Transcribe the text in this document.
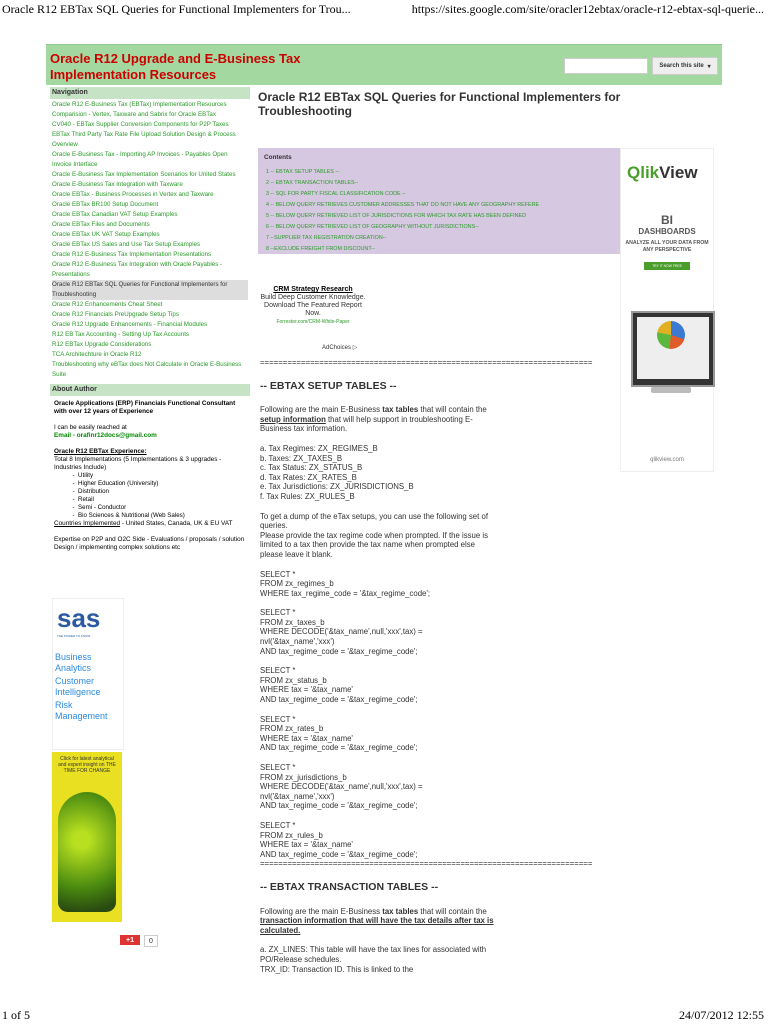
Oracle R12 EBTax SQL Queries for Functional Implementers for Trou...	https://sites.google.com/site/oracler12ebtax/oracle-r12-ebtax-sql-querie...
Oracle R12 Upgrade and E-Business Tax Implementation Resources
Search this site ▾
Navigation
Oracle R12 E-Business Tax (EBTax) Implementation Resources
Comparision - Vertex, Taxware and Sabrix for Oracle EBTax
CV040 - EBTax Supplier Conversion Components for P2P Taxes
EBTax Third Party Tax Rate File Upload Solution Design & Process Overview
Oracle E-Business Tax - Importing AP Invoices - Payables Open Invoice Interface
Oracle E-Business Tax Implementation Scenarios for United States
Oracle E-Business Tax Integration with Taxware
Oracle EBTax - Business Processes in Vertex and Taxware
Oracle EBTax BR100 Setup Document
Oracle EBTax Canadian VAT Setup Examples
Oracle EBTax Files and Documents
Oracle EBTax UK VAT Setup Examples
Oracle EBTax US Sales and Use Tax Setup Examples
Oracle R12 E-Business Tax Implementation Presentations
Oracle R12 E-Business Tax Integration with Oracle Payables - Presentations
Oracle R12 EBTax SQL Queries for Functional Implementers for Troubleshooting
Oracle R12 Enhancements Cheat Sheet
Oracle R12 Financials PreUpgrade Setup Tips
Oracle R12 Upgrade Enhancements - Financial Modules
R12 EB Tax Accounting - Setting Up Tax Accounts
R12 EBTax Upgrade Considerations
TCA Architechture in Oracle R12
Troubleshooting why eBTax does Not Calculate in Oracle E-Business Suite
About Author
Oracle Applications (ERP) Financials Functional Consultant with over 12 years of Experience
I can be easily reached at
Email - orafinr12docs@gmail.com
Oracle R12 EBTax Experience:
Total 8 Implementations (5 Implementations & 3 upgrades - Industries Include)
- Utility
- Higher Education (University)
- Distribution
- Retail
- Semi - Conductor
- Bio Sciences & Nutritional (Web Sales)
Countries Implemented - United States, Canada, UK & EU VAT
Expertise on P2P and O2C Side - Evaluations / proposals / solution Design / implementing complex solutions etc
sas
THE POWER TO KNOW
Business Analytics
Customer Intelligence
Risk Management
Click for latest analytical and expert insight on THE TIME FOR CHANGE
+1	0
Oracle R12 EBTax SQL Queries for Functional Implementers for Troubleshooting
Contents
1 -- EBTAX SETUP TABLES --
2 -- EBTAX TRANSACTION TABLES--
3 -- SQL FOR PARTY FISCAL CLASSIFICATION CODE --
4 -- BELOW QUERY RETRIEVES CUSTOMER ADDRESSES THAT DO NOT HAVE ANY GEOGRAPHY REFERE
5 -- BELOW QUERY RETRIEVED LIST OF JURISDICTIONS FOR WHICH TAX RATE HAS BEEN DEFINED
6 -- BELOW QUERY RETRIEVED LIST OF GEOGRAPHY WITHOUT JURISDICTIONS--
7 --SUPPLIER TAX REGISTRATION CREATION--
8 --EXCLUDE FREIGHT FROM DISCOUNT--
CRM Strategy Research
Build Deep Customer Knowledge. Download The Featured Report Now.
Forrester.com/CRM-White-Paper
AdChoices ▷
=========================================================================
-- EBTAX SETUP TABLES --
Following are the main E-Business tax tables that will contain the setup information that will help support in troubleshooting E-Business tax information.
a. Tax Regimes: ZX_REGIMES_B
b. Taxes: ZX_TAXES_B
c. Tax Status: ZX_STATUS_B
d. Tax Rates: ZX_RATES_B
e. Tax Jurisdictions: ZX_JURISDICTIONS_B
f. Tax Rules: ZX_RULES_B
To get a dump of the eTax setups, you can use the following set of queries.
Please provide the tax regime code when prompted. If the issue is limited to a tax then provide the tax name when prompted else please leave it blank.
SELECT *
FROM zx_regimes_b
WHERE tax_regime_code = '&tax_regime_code';
SELECT *
FROM zx_taxes_b
WHERE DECODE('&tax_name',null,'xxx',tax) =
nvl('&tax_name','xxx')
AND tax_regime_code = '&tax_regime_code';
SELECT *
FROM zx_status_b
WHERE tax = '&tax_name'
AND tax_regime_code = '&tax_regime_code';
SELECT *
FROM zx_rates_b
WHERE tax = '&tax_name'
AND tax_regime_code = '&tax_regime_code';
SELECT *
FROM zx_jurisdictions_b
WHERE DECODE('&tax_name',null,'xxx',tax) =
nvl('&tax_name','xxx')
AND tax_regime_code = '&tax_regime_code';
SELECT *
FROM zx_rules_b
WHERE tax = '&tax_name'
AND tax_regime_code = '&tax_regime_code';
=========================================================================
-- EBTAX TRANSACTION TABLES --
Following are the main E-Business tax tables that will contain the transaction information that will have the tax details after tax is calculated.
a. ZX_LINES: This table will have the tax lines for associated with PO/Release schedules.
TRX_ID: Transaction ID. This is linked to the
QlikView
BI
DASHBOARDS
ANALYZE ALL YOUR DATA FROM ANY PERSPECTIVE
TRY IT NOW FREE
qlikview.com
1 of 5	24/07/2012 12:55
